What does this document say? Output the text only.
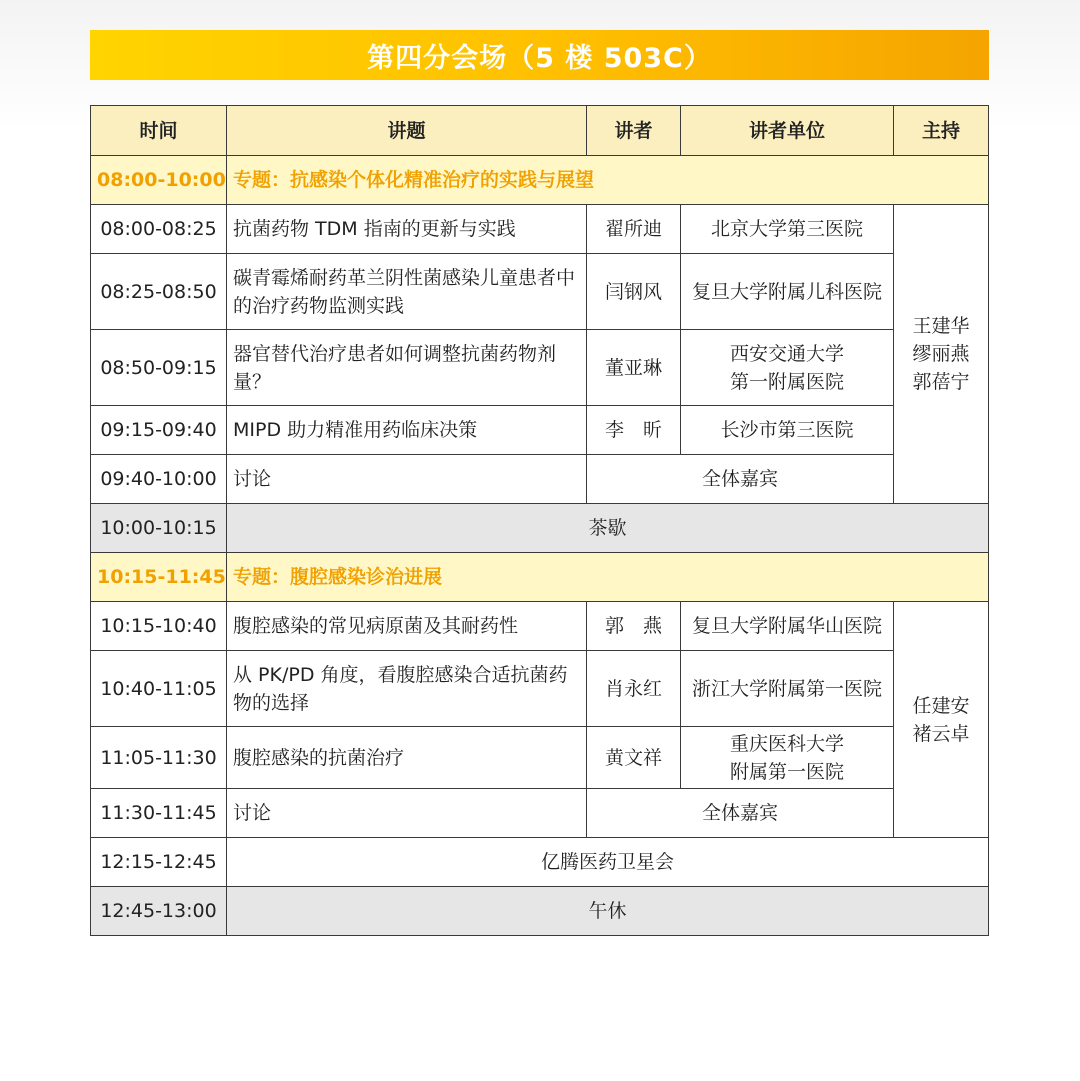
第四分会场（5 楼 503C）
时间	讲题	讲者	讲者单位	主持
08:00-10:00	专题：抗感染个体化精准治疗的实践与展望			
08:00-08:25	抗菌药物 TDM 指南的更新与实践	翟所迪	北京大学第三医院	王建华
缪丽燕
郭蓓宁

08:25-08:50	碳青霉烯耐药革兰阴性菌感染儿童患者中的治疗药物监测实践	闫钢风	复旦大学附属儿科医院	
08:50-09:15	器官替代治疗患者如何调整抗菌药物剂量？	董亚琳	西安交通大学
第一附属医院	

09:15-09:40	MIPD 助力精准用药临床决策	李　昕	长沙市第三医院	
09:40-10:00	讨论	全体嘉宾		
10:00-10:15	茶歇			
10:15-11:45	专题：腹腔感染诊治进展			
10:15-10:40	腹腔感染的常见病原菌及其耐药性	郭　燕	复旦大学附属华山医院	任建安
褚云卓

10:40-11:05	从 PK/PD 角度，看腹腔感染合适抗菌药物的选择	肖永红	浙江大学附属第一医院	
11:05-11:30	腹腔感染的抗菌治疗	黄文祥	重庆医科大学
附属第一医院	

11:30-11:45	讨论	全体嘉宾		
12:15-12:45	亿腾医药卫星会			
12:45-13:00	午休			
